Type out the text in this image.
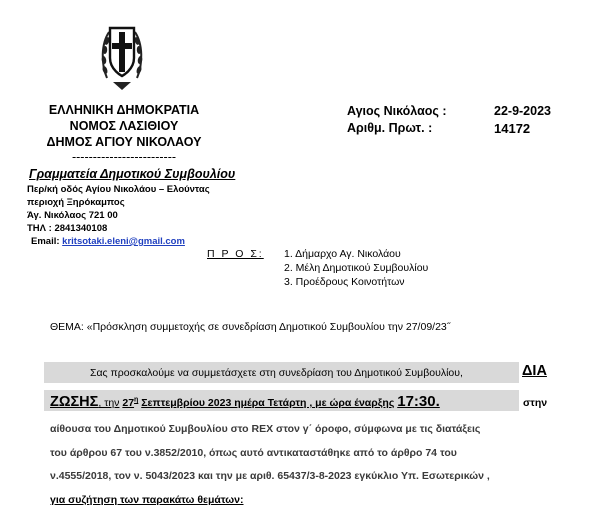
ΕΛΛΗΝΙΚΗ ΔΗΜΟΚΡΑΤΙΑ
ΝΟΜΟΣ ΛΑΣΙΘΙΟΥ
ΔΗΜΟΣ ΑΓΙΟΥ ΝΙΚΟΛΑΟΥ
-------------------------
Γραμματεία Δημοτικού Συμβουλίου
Περ/κή οδός Αγίου Νικολάου – Ελούντας
περιοχή Ξηρόκαμπος
Άγ. Νικόλαος 721 00
ΤΗΛ : 2841340108
Email: kritsotaki.eleni@gmail.com
Αγιος Νικόλαος :	22-9-2023
Αριθμ. Πρωτ. :	14172
Π Ρ Ο Σ: 1. Δήμαρχο Αγ. Νικολάου
2. Μέλη Δημοτικού Συμβουλίου
3. Προέδρους Κοινοτήτων
ΘΕΜΑ: «Πρόσκληση συμμετοχής σε συνεδρίαση Δημοτικού Συμβουλίου την 27/09/23˝
Σας προσκαλούμε να συμμετάσχετε στη συνεδρίαση του Δημοτικού Συμβουλίου,	ΔΙΑ
ΖΩΣΗΣ, την $27^\eta$ Σεπτεμβρίου 2023 ημέρα Τετάρτη , με ώρα έναρξης 17:30.	στην
αίθουσα του Δημοτικού Συμβουλίου στο REX στον γ΄ όροφο, σύμφωνα με τις διατάξεις
του άρθρου 67 του ν.3852/2010, όπως αυτό αντικαταστάθηκε από το άρθρο 74 του
ν.4555/2018, τον ν. 5043/2023 και την με αριθ. 65437/3-8-2023 εγκύκλιο Υπ. Εσωτερικών ,
για συζήτηση των παρακάτω θεμάτων:
